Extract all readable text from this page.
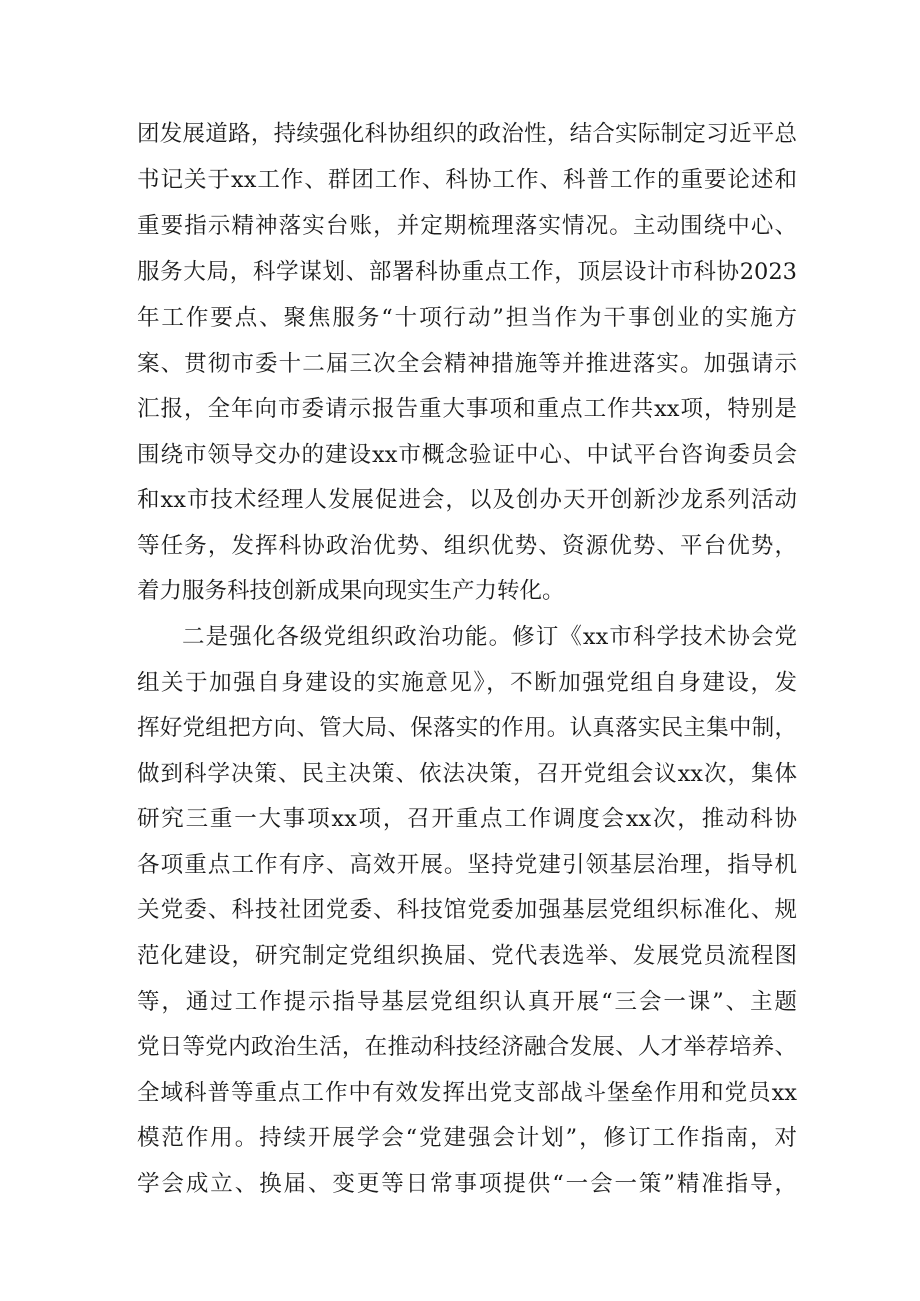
团发展道路，持续强化科协组织的政治性，结合实际制定习近平总
书记关于xx工作、群团工作、科协工作、科普工作的重要论述和
重要指示精神落实台账，并定期梳理落实情况。主动围绕中心、
服务大局，科学谋划、部署科协重点工作，顶层设计市科协2023
年工作要点、聚焦服务“十项行动”担当作为干事创业的实施方
案、贯彻市委十二届三次全会精神措施等并推进落实。加强请示
汇报，全年向市委请示报告重大事项和重点工作共xx项，特别是
围绕市领导交办的建设xx市概念验证中心、中试平台咨询委员会
和xx市技术经理人发展促进会，以及创办天开创新沙龙系列活动
等任务，发挥科协政治优势、组织优势、资源优势、平台优势，
着力服务科技创新成果向现实生产力转化。
二是强化各级党组织政治功能。修订《xx市科学技术协会党
组关于加强自身建设的实施意见》，不断加强党组自身建设，发
挥好党组把方向、管大局、保落实的作用。认真落实民主集中制，
做到科学决策、民主决策、依法决策，召开党组会议xx次，集体
研究三重一大事项xx项，召开重点工作调度会xx次，推动科协
各项重点工作有序、高效开展。坚持党建引领基层治理，指导机
关党委、科技社团党委、科技馆党委加强基层党组织标准化、规
范化建设，研究制定党组织换届、党代表选举、发展党员流程图
等，通过工作提示指导基层党组织认真开展“三会一课”、主题
党日等党内政治生活，在推动科技经济融合发展、人才举荐培养、
全域科普等重点工作中有效发挥出党支部战斗堡垒作用和党员xx
模范作用。持续开展学会“党建强会计划”，修订工作指南，对
学会成立、换届、变更等日常事项提供“一会一策”精准指导，
